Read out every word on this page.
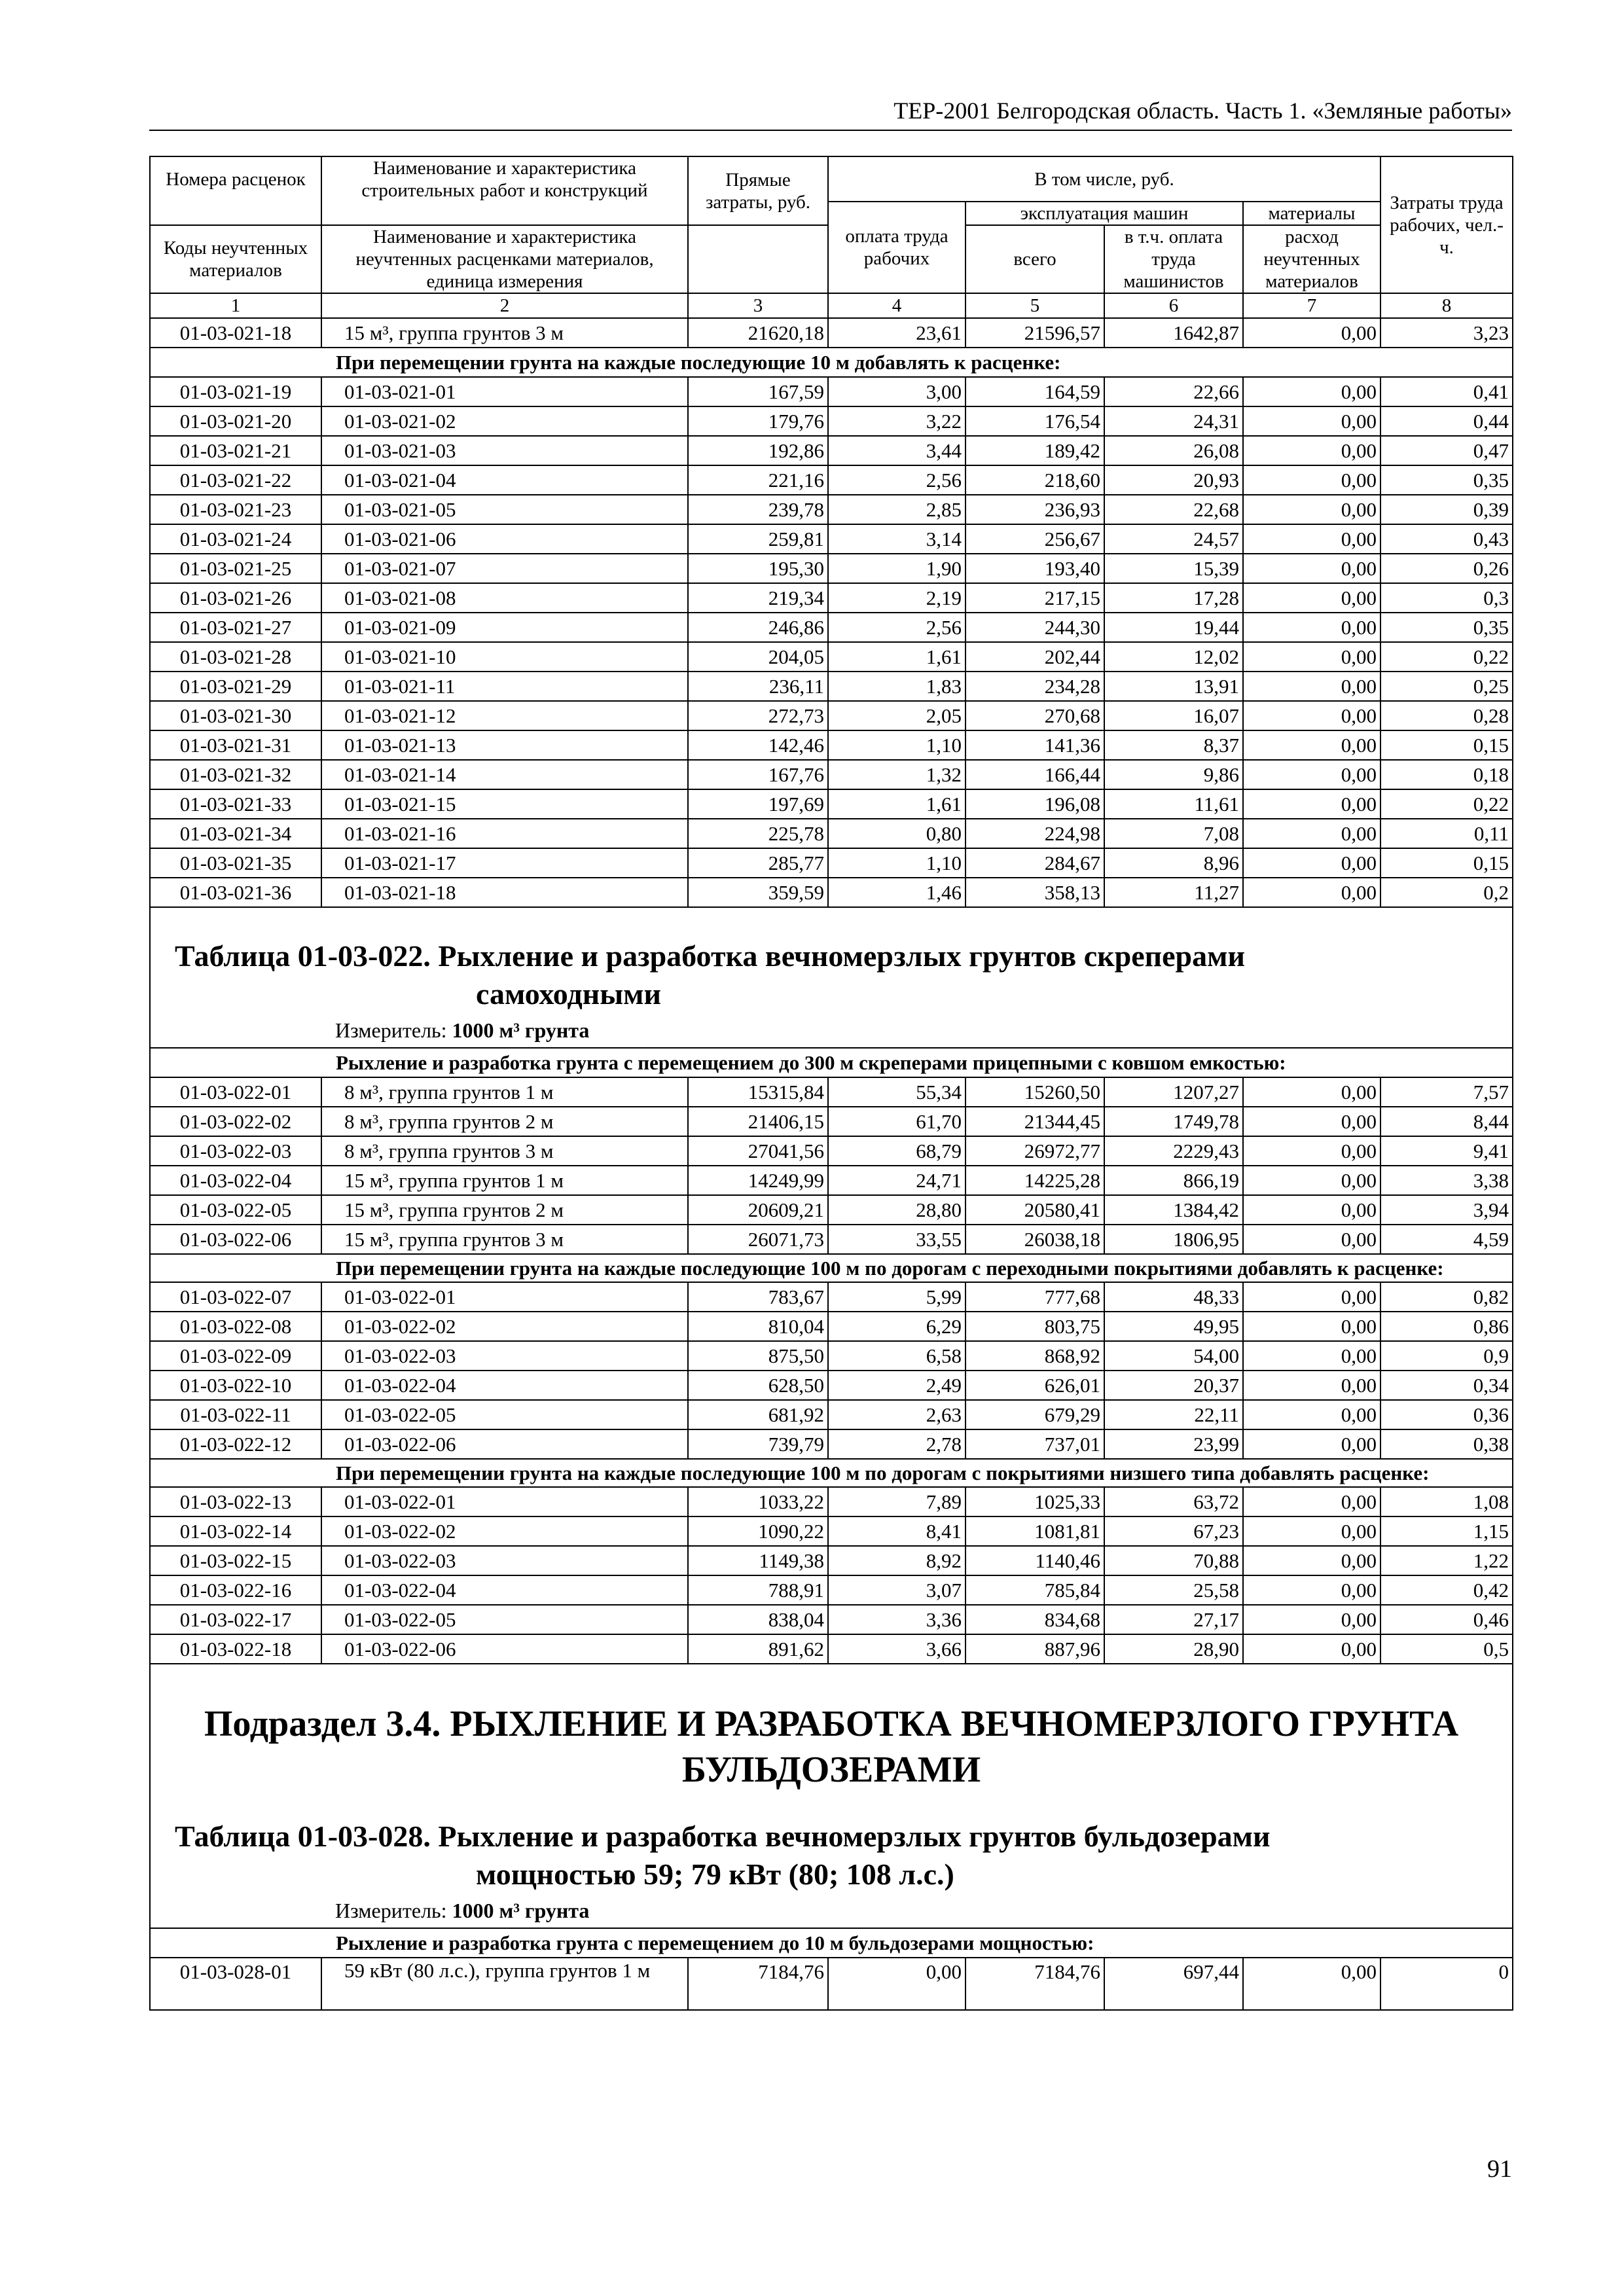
ТЕР-2001 Белгородская область. Часть 1. «Земляные работы»
Номера расценок	Наименование и характеристика строительных работ и конструкций	Прямые затраты, руб.	В том числе, руб.				Затраты труда рабочих, чел.-ч.
			оплата труда рабочих	эксплуатация машин		материалы	
Коды неучтенных материалов	Наименование и характеристика неучтенных расценками материалов, единица измерения			всего	в т.ч. оплата труда машинистов	расход неучтенных материалов	

1	2	3	4	5	6	7	8
01-03-021-18	15 м³, группа грунтов 3 м	21620,18	23,61	21596,57	1642,87	0,00	3,23
При перемещении грунта на каждые последующие 10 м добавлять к расценке:							
01-03-021-19	01-03-021-01	167,59	3,00	164,59	22,66	0,00	0,41
01-03-021-20	01-03-021-02	179,76	3,22	176,54	24,31	0,00	0,44
01-03-021-21	01-03-021-03	192,86	3,44	189,42	26,08	0,00	0,47
01-03-021-22	01-03-021-04	221,16	2,56	218,60	20,93	0,00	0,35
01-03-021-23	01-03-021-05	239,78	2,85	236,93	22,68	0,00	0,39
01-03-021-24	01-03-021-06	259,81	3,14	256,67	24,57	0,00	0,43
01-03-021-25	01-03-021-07	195,30	1,90	193,40	15,39	0,00	0,26
01-03-021-26	01-03-021-08	219,34	2,19	217,15	17,28	0,00	0,3
01-03-021-27	01-03-021-09	246,86	2,56	244,30	19,44	0,00	0,35
01-03-021-28	01-03-021-10	204,05	1,61	202,44	12,02	0,00	0,22
01-03-021-29	01-03-021-11	236,11	1,83	234,28	13,91	0,00	0,25
01-03-021-30	01-03-021-12	272,73	2,05	270,68	16,07	0,00	0,28
01-03-021-31	01-03-021-13	142,46	1,10	141,36	8,37	0,00	0,15
01-03-021-32	01-03-021-14	167,76	1,32	166,44	9,86	0,00	0,18
01-03-021-33	01-03-021-15	197,69	1,61	196,08	11,61	0,00	0,22
01-03-021-34	01-03-021-16	225,78	0,80	224,98	7,08	0,00	0,11
01-03-021-35	01-03-021-17	285,77	1,10	284,67	8,96	0,00	0,15
01-03-021-36	01-03-021-18	359,59	1,46	358,13	11,27	0,00	0,2

Таблица 01-03-022. Рыхление и разработка вечномерзлых грунтов скреперами
самоходными
Измеритель: 1000 м³ грунта							

Рыхление и разработка грунта с перемещением до 300 м скреперами прицепными с ковшом емкостью:							
01-03-022-01	8 м³, группа грунтов 1 м	15315,84	55,34	15260,50	1207,27	0,00	7,57
01-03-022-02	8 м³, группа грунтов 2 м	21406,15	61,70	21344,45	1749,78	0,00	8,44
01-03-022-03	8 м³, группа грунтов 3 м	27041,56	68,79	26972,77	2229,43	0,00	9,41
01-03-022-04	15 м³, группа грунтов 1 м	14249,99	24,71	14225,28	866,19	0,00	3,38
01-03-022-05	15 м³, группа грунтов 2 м	20609,21	28,80	20580,41	1384,42	0,00	3,94
01-03-022-06	15 м³, группа грунтов 3 м	26071,73	33,55	26038,18	1806,95	0,00	4,59
При перемещении грунта на каждые последующие 100 м по дорогам с переходными покрытиями добавлять к расценке:							
01-03-022-07	01-03-022-01	783,67	5,99	777,68	48,33	0,00	0,82
01-03-022-08	01-03-022-02	810,04	6,29	803,75	49,95	0,00	0,86
01-03-022-09	01-03-022-03	875,50	6,58	868,92	54,00	0,00	0,9
01-03-022-10	01-03-022-04	628,50	2,49	626,01	20,37	0,00	0,34
01-03-022-11	01-03-022-05	681,92	2,63	679,29	22,11	0,00	0,36
01-03-022-12	01-03-022-06	739,79	2,78	737,01	23,99	0,00	0,38
При перемещении грунта на каждые последующие 100 м по дорогам с покрытиями низшего типа добавлять расценке:							
01-03-022-13	01-03-022-01	1033,22	7,89	1025,33	63,72	0,00	1,08
01-03-022-14	01-03-022-02	1090,22	8,41	1081,81	67,23	0,00	1,15
01-03-022-15	01-03-022-03	1149,38	8,92	1140,46	70,88	0,00	1,22
01-03-022-16	01-03-022-04	788,91	3,07	785,84	25,58	0,00	0,42
01-03-022-17	01-03-022-05	838,04	3,36	834,68	27,17	0,00	0,46
01-03-022-18	01-03-022-06	891,62	3,66	887,96	28,90	0,00	0,5

Подраздел 3.4. РЫХЛЕНИЕ И РАЗРАБОТКА ВЕЧНОМЕРЗЛОГО ГРУНТА
БУЛЬДОЗЕРАМИ
Таблица 01-03-028. Рыхление и разработка вечномерзлых грунтов бульдозерами
мощностью 59; 79 кВт (80; 108 л.с.)
Измеритель: 1000 м³ грунта							

Рыхление и разработка грунта с перемещением до 10 м бульдозерами мощностью:							
01-03-028-01	59 кВт (80 л.с.), группа грунтов 1 м	7184,76	0,00	7184,76	697,44	0,00	0
91
